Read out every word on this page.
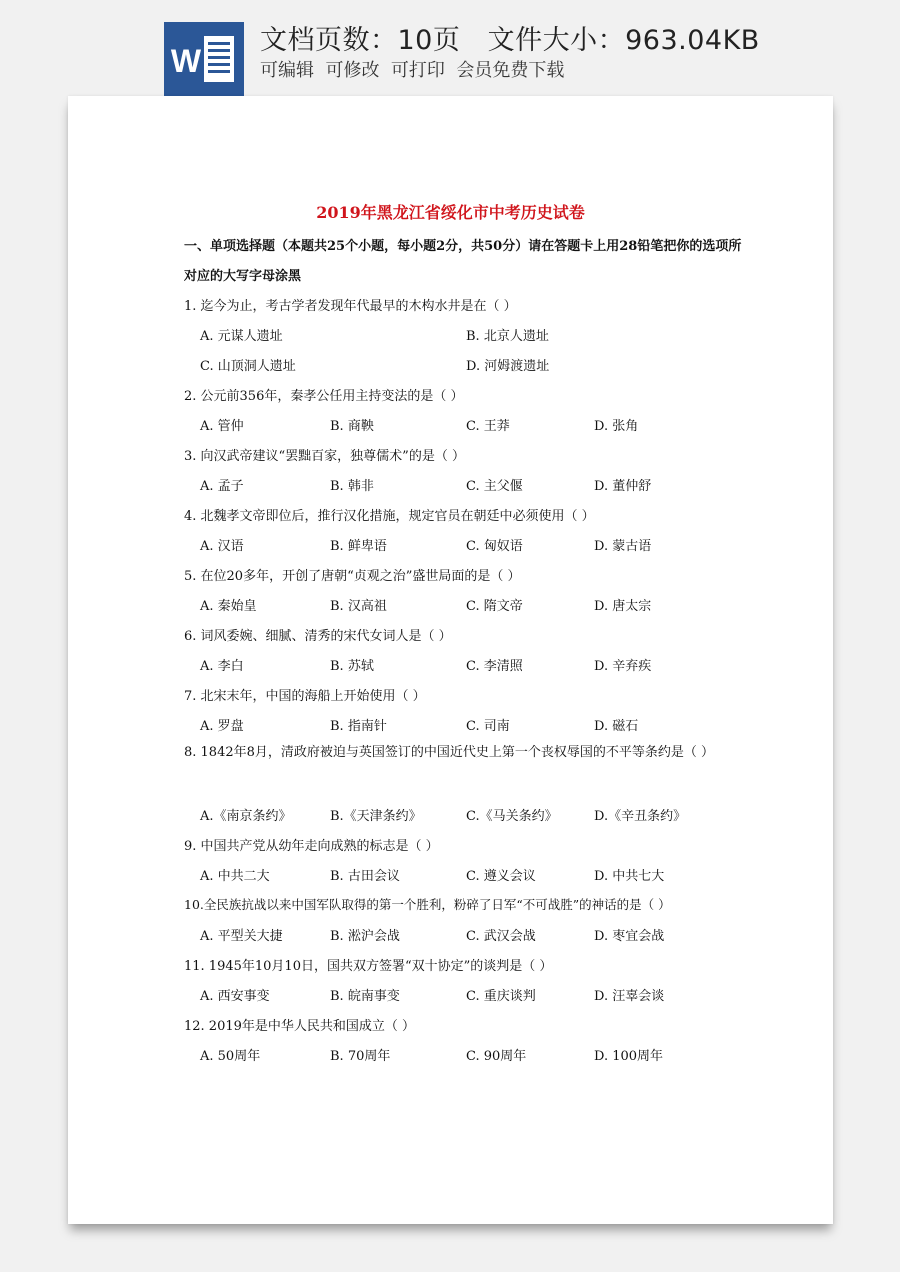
W
文档页数：10页   文件大小：963.04KB
可编辑  可修改  可打印  会员免费下载
2019年黑龙江省绥化市中考历史试卷
一、单项选择题（本题共25个小题，每小题2分，共50分）请在答题卡上用28铅笔把你的选项所对应的大写字母涂黑
1. 迄今为止，考古学者发现年代最早的木构水井是在（ ）
A. 元谋人遗址	B. 北京人遗址
C. 山顶洞人遗址	D. 河姆渡遗址
2. 公元前356年，秦孝公任用主持变法的是（ ）
A. 管仲	B. 商鞅	C. 王莽	D. 张角
3. 向汉武帝建议“罢黜百家，独尊儒术”的是（ ）
A. 孟子	B. 韩非	C. 主父偃	D. 董仲舒
4. 北魏孝文帝即位后，推行汉化措施，规定官员在朝廷中必须使用（ ）
A. 汉语	B. 鲜卑语	C. 匈奴语	D. 蒙古语
5. 在位20多年，开创了唐朝“贞观之治”盛世局面的是（ ）
A. 秦始皇	B. 汉高祖	C. 隋文帝	D. 唐太宗
6. 词风委婉、细腻、清秀的宋代女词人是（ ）
A. 李白	B. 苏轼	C. 李清照	D. 辛弃疾
7. 北宋末年，中国的海船上开始使用（ ）
A. 罗盘	B. 指南针	C. 司南	D. 磁石
8. 1842年8月，清政府被迫与英国签订的中国近代史上第一个丧权辱国的不平等条约是（ ）
A.《南京条约》	B.《天津条约》	C.《马关条约》	D.《辛丑条约》
9. 中国共产党从幼年走向成熟的标志是（ ）
A. 中共二大	B. 古田会议	C. 遵义会议	D. 中共七大
10.全民族抗战以来中国军队取得的第一个胜利，粉碎了日军“不可战胜”的神话的是（ ）
A. 平型关大捷	B. 淞沪会战	C. 武汉会战	D. 枣宜会战
11. 1945年10月10日，国共双方签署“双十协定”的谈判是（ ）
A. 西安事变	B. 皖南事变	C. 重庆谈判	D. 汪辜会谈
12. 2019年是中华人民共和国成立（ ）
A. 50周年	B. 70周年	C. 90周年	D. 100周年
